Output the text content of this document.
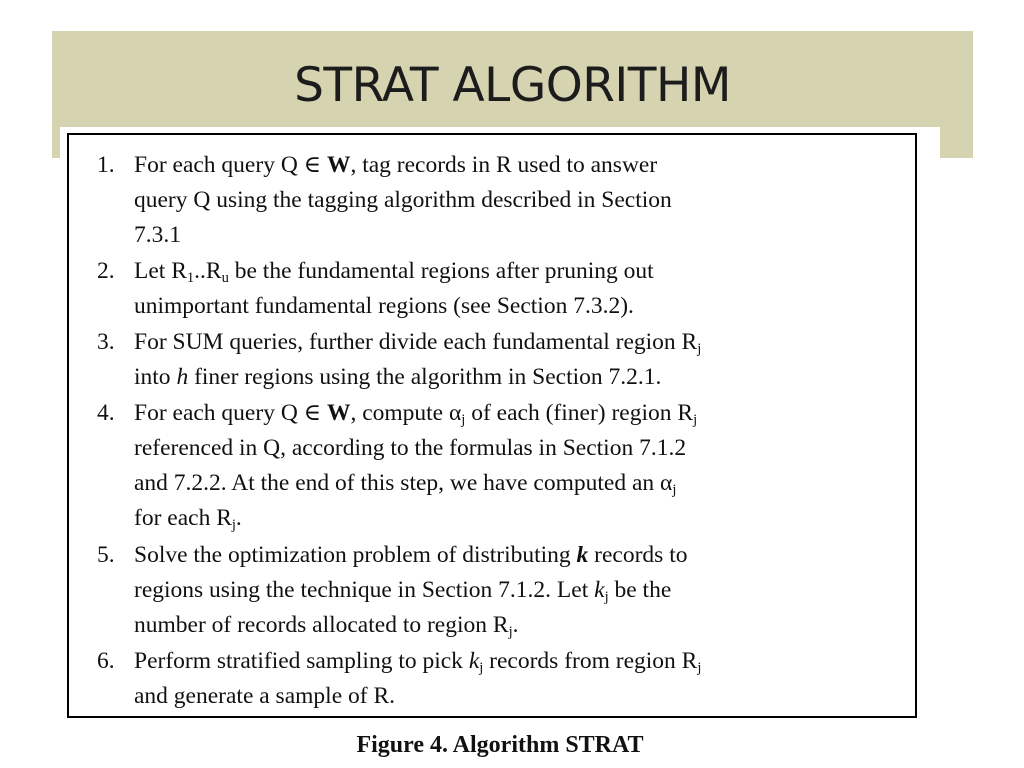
STRAT ALGORITHM
1. For each query Q ∈ W, tag records in R used to answer
query Q using the tagging algorithm described in Section
7.3.1
2. Let $R_1..R_u$ be the fundamental regions after pruning out
unimportant fundamental regions (see Section 7.3.2).
3. For SUM queries, further divide each fundamental region $R_j$
into h finer regions using the algorithm in Section 7.2.1.
4. For each query Q ∈ W, compute $\alpha_j$ of each (finer) region $R_j$
referenced in Q, according to the formulas in Section 7.1.2
and 7.2.2. At the end of this step, we have computed an $\alpha_j$
for each $R_j$.
5. Solve the optimization problem of distributing k records to
regions using the technique in Section 7.1.2. Let $k_j$ be the
number of records allocated to region $R_j$.
6. Perform stratified sampling to pick $k_j$ records from region $R_j$
and generate a sample of R.

Figure 4. Algorithm STRAT
